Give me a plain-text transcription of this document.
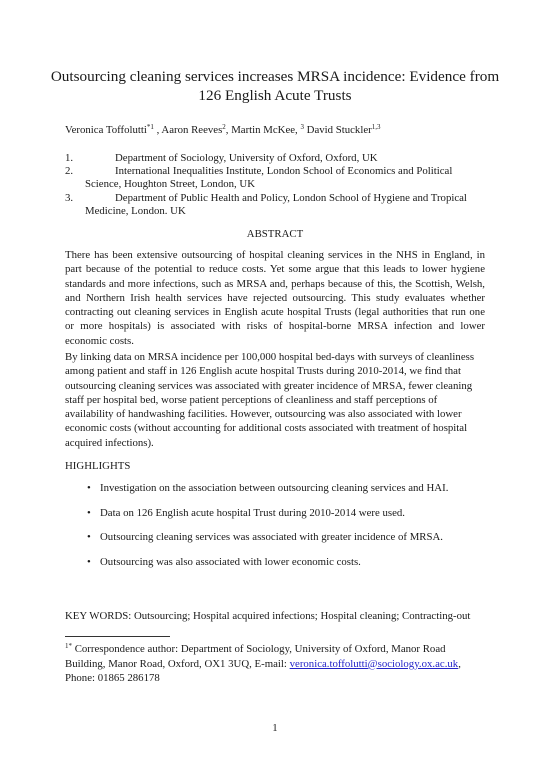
Outsourcing cleaning services increases MRSA incidence: Evidence from 126 English Acute Trusts
Veronica Toffolutti$^{*1}$ , Aaron Reeves$^2$, Martin McKee, $^3$ David Stuckler$^{1,3}$
1.	Department of Sociology, University of Oxford, Oxford, UK
2.	International Inequalities Institute, London School of Economics and Political Science, Houghton Street, London, UK
3.	Department of Public Health and Policy, London School of Hygiene and Tropical Medicine, London. UK
ABSTRACT

There has been extensive outsourcing of hospital cleaning services in the NHS in England, in part because of the potential to reduce costs. Yet some argue that this leads to lower hygiene standards and more infections, such as MRSA and, perhaps because of this, the Scottish, Welsh, and Northern Irish health services have rejected outsourcing. This study evaluates whether contracting out cleaning services in English acute hospital Trusts (legal authorities that run one or more hospitals) is associated with risks of hospital-borne MRSA infection and lower economic costs.

By linking data on MRSA incidence per 100,000 hospital bed-days with surveys of cleanliness among patient and staff in 126 English acute hospital Trusts during 2010-2014, we find that outsourcing cleaning services was associated with greater incidence of MRSA, fewer cleaning staff per hospital bed, worse patient perceptions of cleanliness and staff perceptions of availability of handwashing facilities. However, outsourcing was also associated with lower economic costs (without accounting for additional costs associated with treatment of hospital acquired infections).

HIGHLIGHTS
• Investigation on the association between outsourcing cleaning services and HAI.
• Data on 126 English acute hospital Trust during 2010-2014 were used.
• Outsourcing cleaning services was associated with greater incidence of MRSA.
• Outsourcing was also associated with lower economic costs.
KEY WORDS: Outsourcing; Hospital acquired infections; Hospital cleaning; Contracting-out
$^{1*}$ Correspondence author: Department of Sociology, University of Oxford, Manor Road Building, Manor Road, Oxford, OX1 3UQ, E-mail: veronica.toffolutti@sociology.ox.ac.uk,
Phone: 01865 286178
1
